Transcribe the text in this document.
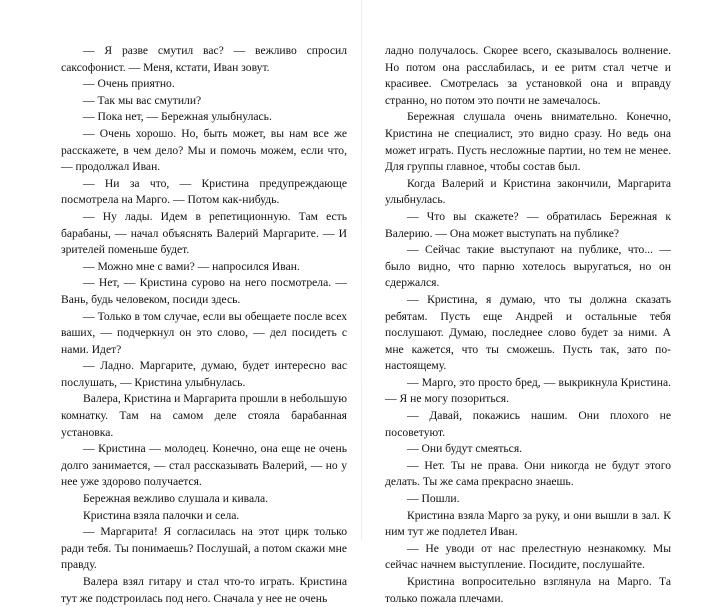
— Я разве смутил вас? — вежливо спросил саксофонист. — Меня, кстати, Иван зовут.

— Очень приятно.

— Так мы вас смутили?

— Пока нет, — Бережная улыбнулась.

— Очень хорошо. Но, быть может, вы нам все же расскажете, в чем дело? Мы и помочь можем, если что, — продолжал Иван.

— Ни за что, — Кристина предупреждающе посмотрела на Марго. — Потом как-нибудь.

— Ну лады. Идем в репетиционную. Там есть барабаны, — начал объяснять Валерий Маргарите. — И зрителей поменьше будет.

— Можно мне с вами? — напросился Иван.

— Нет, — Кристина сурово на него посмотрела. — Вань, будь человеком, посиди здесь.

— Только в том случае, если вы обещаете после всех ваших, — подчеркнул он это слово, — дел посидеть с нами. Идет?

— Ладно. Маргарите, думаю, будет интересно вас послушать, — Кристина улыбнулась.

Валера, Кристина и Маргарита прошли в небольшую комнатку. Там на самом деле стояла барабанная установка.

— Кристина — молодец. Конечно, она еще не очень долго занимается, — стал рассказывать Валерий, — но у нее уже здорово получается.

Бережная вежливо слушала и кивала.

Кристина взяла палочки и села.

— Маргарита! Я согласилась на этот цирк только ради тебя. Ты понимаешь? Послушай, а потом скажи мне правду.

Валера взял гитару и стал что-то играть. Кристина тут же подстроилась под него. Сначала у нее не очень

ладно получалось. Скорее всего, сказывалось волнение. Но потом она расслабилась, и ее ритм стал четче и красивее. Смотрелась за установкой она и вправду странно, но потом это почти не замечалось.

Бережная слушала очень внимательно. Конечно, Кристина не специалист, это видно сразу. Но ведь она может играть. Пусть несложные партии, но тем не менее. Для группы главное, чтобы состав был.

Когда Валерий и Кристина закончили, Маргарита улыбнулась.

— Что вы скажете? — обратилась Бережная к Валерию. — Она может выступать на публике?

— Сейчас такие выступают на публике, что... — было видно, что парню хотелось выругаться, но он сдержался.

— Кристина, я думаю, что ты должна сказать ребятам. Пусть еще Андрей и остальные тебя послушают. Думаю, последнее слово будет за ними. А мне кажется, что ты сможешь. Пусть так, зато по-настоящему.

— Марго, это просто бред, — выкрикнула Кристина. — Я не могу позориться.

— Давай, покажись нашим. Они плохого не посоветуют.

— Они будут смеяться.

— Нет. Ты не права. Они никогда не будут этого делать. Ты же сама прекрасно знаешь.

— Пошли.

Кристина взяла Марго за руку, и они вышли в зал. К ним тут же подлетел Иван.

— Не уводи от нас прелестную незнакомку. Мы сейчас начнем выступление. Посидите, послушайте.

Кристина вопросительно взглянула на Марго. Та только пожала плечами.
